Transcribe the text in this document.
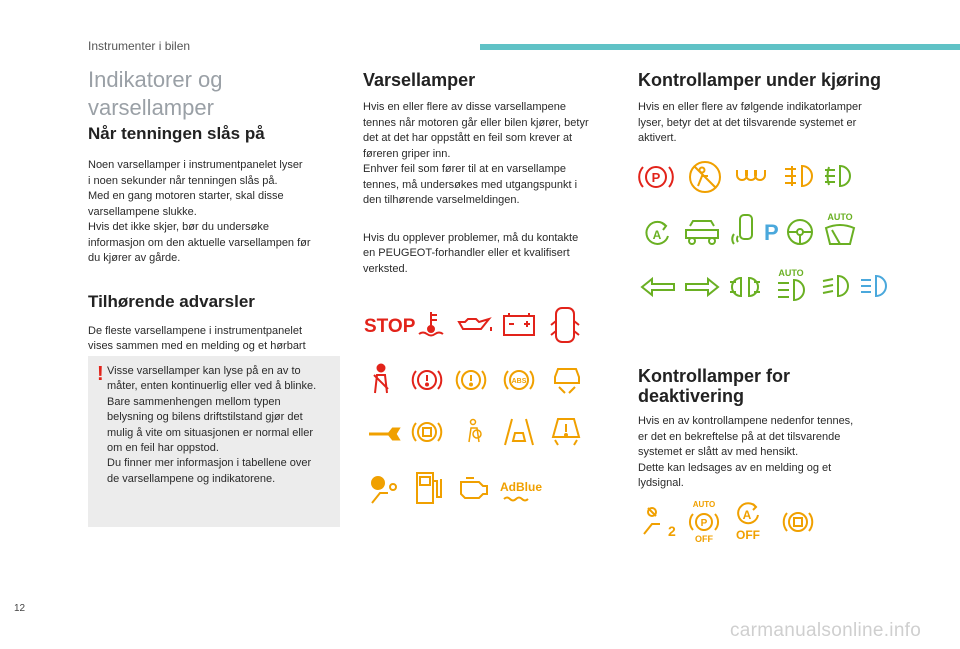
Instrumenter i bilen
Indikatorer og varsellamper
Når tenningen slås på

Noen varsellamper i instrumentpanelet lyser

i noen sekunder når tenningen slås på.

Med en gang motoren starter, skal disse

varsellampene slukke.

Hvis det ikke skjer, bør du undersøke

informasjon om den aktuelle varsellampen før

du kjører av gårde.

Tilhørende advarsler

De fleste varsellampene i instrumentpanelet

vises sammen med en melding og et hørbart

! Visse varsellamper kan lyse på en av to
måter, enten kontinuerlig eller ved å blinke.
Bare sammenhengen mellom typen
belysning og bilens driftstilstand gjør det
mulig å vite om situasjonen er normal eller
om en feil har oppstod.
Du finner mer informasjon i tabellene over
de varsellampene og indikatorene.
Varsellamper

Hvis en eller flere av disse varsellampene

tennes når motoren går eller bilen kjører, betyr

det at det har oppstått en feil som krever at

føreren griper inn.

Enhver feil som fører til at en varsellampe

tennes, må undersøkes med utgangspunkt i

den tilhørende varselmeldingen.

Hvis du opplever problemer, må du kontakte

en PEUGEOT-forhandler eller et kvalifisert

verksted.

STOP
ABS
AdBlue
Kontrollamper under kjøring

Hvis en eller flere av følgende indikatorlamper

lyser, betyr det at det tilsvarende systemet er

aktivert.

Kontrollamper for
deaktivering

Hvis en av kontrollampene nedenfor tennes,

er det en bekreftelse på at det tilsvarende

systemet er slått av med hensikt.

Dette kan ledsages av en melding og et

lydsignal.

P
A	P
AUTO
AUTO
2
AUTO
P
OFF
A
OFF
12
carmanualsonline.info
